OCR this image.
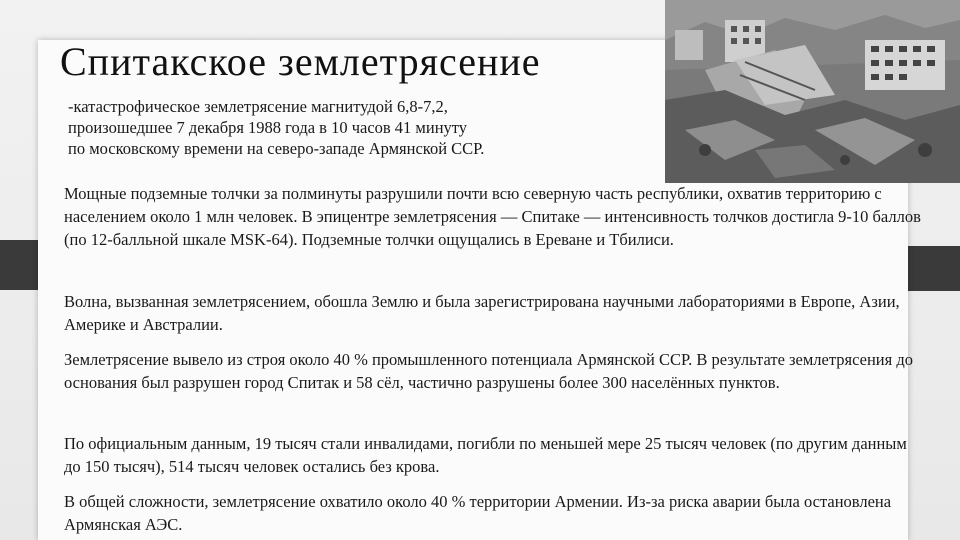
Спитакское землетрясение
-катастрофическое землетрясение магнитудой 6,8-7,2,
произошедшее 7 декабря 1988 года в 10 часов 41 минуту
по московскому времени на северо-западе Армянской ССР.
Мощные подземные толчки за полминуты разрушили почти всю северную часть республики, охватив территорию с населением около 1 млн человек. В эпицентре землетрясения — Спитаке — интенсивность толчков достигла 9-10 баллов (по 12-балльной шкале MSK-64). Подземные толчки ощущались в Ереване и Тбилиси.
Волна, вызванная землетрясением, обошла Землю и была зарегистрирована научными лабораториями в Европе, Азии, Америке и Австралии.
Землетрясение вывело из строя около 40 % промышленного потенциала Армянской ССР. В результате землетрясения до основания был разрушен город Спитак и 58 сёл, частично разрушены более 300 населённых пунктов.
По официальным данным, 19 тысяч стали инвалидами, погибли по меньшей мере 25 тысяч человек (по другим данным до 150 тысяч), 514 тысяч человек остались без крова.
В общей сложности, землетрясение охватило около 40 % территории Армении. Из-за риска аварии была остановлена Армянская АЭС.
